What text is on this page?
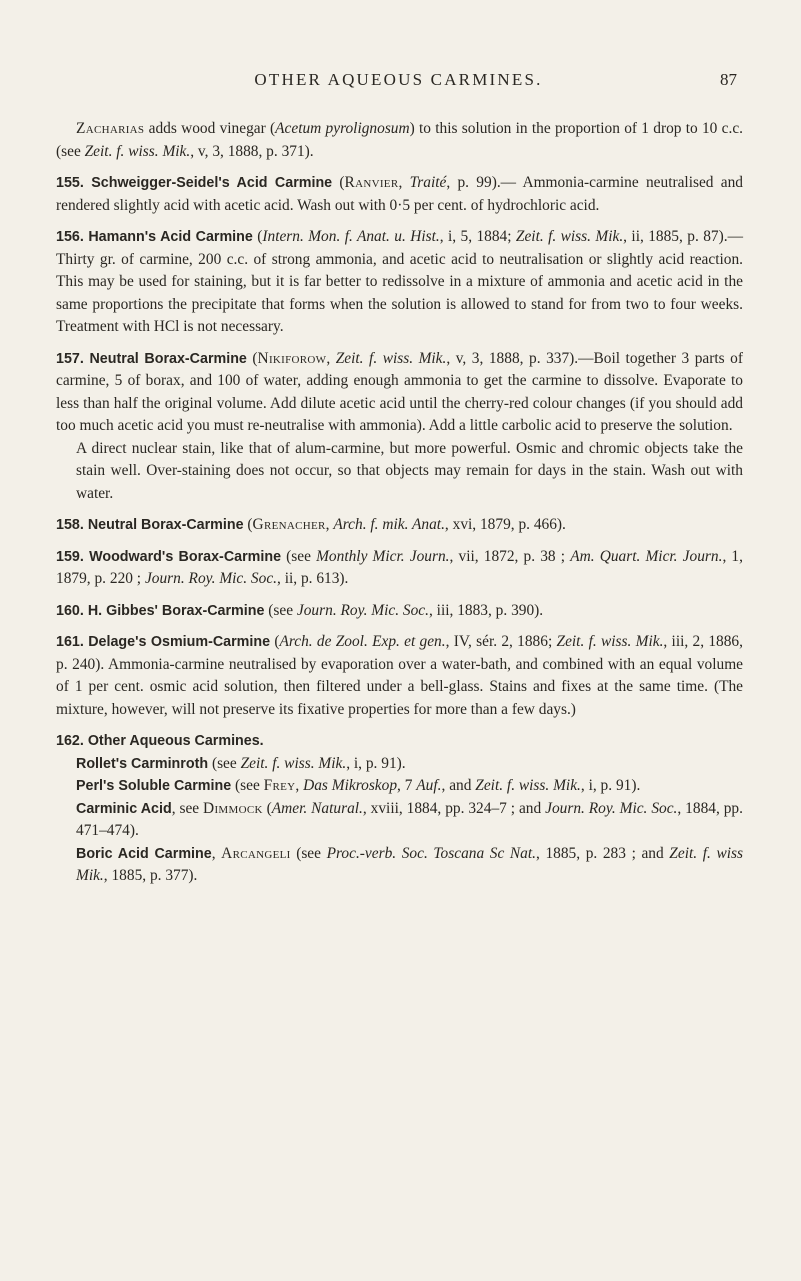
OTHER AQUEOUS CARMINES.	87

Zacharias adds wood vinegar (Acetum pyrolignosum) to this solution in the proportion of 1 drop to 10 c.c. (see Zeit. f. wiss. Mik., v, 3, 1888, p. 371).

155. Schweigger-Seidel's Acid Carmine (Ranvier, Traité, p. 99).— Ammonia-carmine neutralised and rendered slightly acid with acetic acid. Wash out with 0·5 per cent. of hydrochloric acid.

156. Hamann's Acid Carmine (Intern. Mon. f. Anat. u. Hist., i, 5, 1884; Zeit. f. wiss. Mik., ii, 1885, p. 87).—Thirty gr. of carmine, 200 c.c. of strong ammonia, and acetic acid to neutralisation or slightly acid reaction. This may be used for staining, but it is far better to redissolve in a mixture of ammonia and acetic acid in the same proportions the precipitate that forms when the solution is allowed to stand for from two to four weeks. Treatment with HCl is not necessary.

157. Neutral Borax-Carmine (Nikiforow, Zeit. f. wiss. Mik., v, 3, 1888, p. 337).—Boil together 3 parts of carmine, 5 of borax, and 100 of water, adding enough ammonia to get the carmine to dissolve. Evaporate to less than half the original volume. Add dilute acetic acid until the cherry-red colour changes (if you should add too much acetic acid you must re-neutralise with ammonia). Add a little carbolic acid to preserve the solution.

A direct nuclear stain, like that of alum-carmine, but more powerful. Osmic and chromic objects take the stain well. Over-staining does not occur, so that objects may remain for days in the stain. Wash out with water.

158. Neutral Borax-Carmine (Grenacher, Arch. f. mik. Anat., xvi, 1879, p. 466).

159. Woodward's Borax-Carmine (see Monthly Micr. Journ., vii, 1872, p. 38 ; Am. Quart. Micr. Journ., 1, 1879, p. 220 ; Journ. Roy. Mic. Soc., ii, p. 613).

160. H. Gibbes' Borax-Carmine (see Journ. Roy. Mic. Soc., iii, 1883, p. 390).

161. Delage's Osmium-Carmine (Arch. de Zool. Exp. et gen., IV, sér. 2, 1886; Zeit. f. wiss. Mik., iii, 2, 1886, p. 240). Ammonia-carmine neutralised by evaporation over a water-bath, and combined with an equal volume of 1 per cent. osmic acid solution, then filtered under a bell-glass. Stains and fixes at the same time. (The mixture, however, will not preserve its fixative properties for more than a few days.)

162. Other Aqueous Carmines.

Rollet's Carminroth (see Zeit. f. wiss. Mik., i, p. 91).

Perl's Soluble Carmine (see Frey, Das Mikroskop, 7 Auf., and Zeit. f. wiss. Mik., i, p. 91).

Carminic Acid, see Dimmock (Amer. Natural., xviii, 1884, pp. 324–7 ; and Journ. Roy. Mic. Soc., 1884, pp. 471–474).

Boric Acid Carmine, Arcangeli (see Proc.-verb. Soc. Toscana Sc Nat., 1885, p. 283 ; and Zeit. f. wiss Mik., 1885, p. 377).
